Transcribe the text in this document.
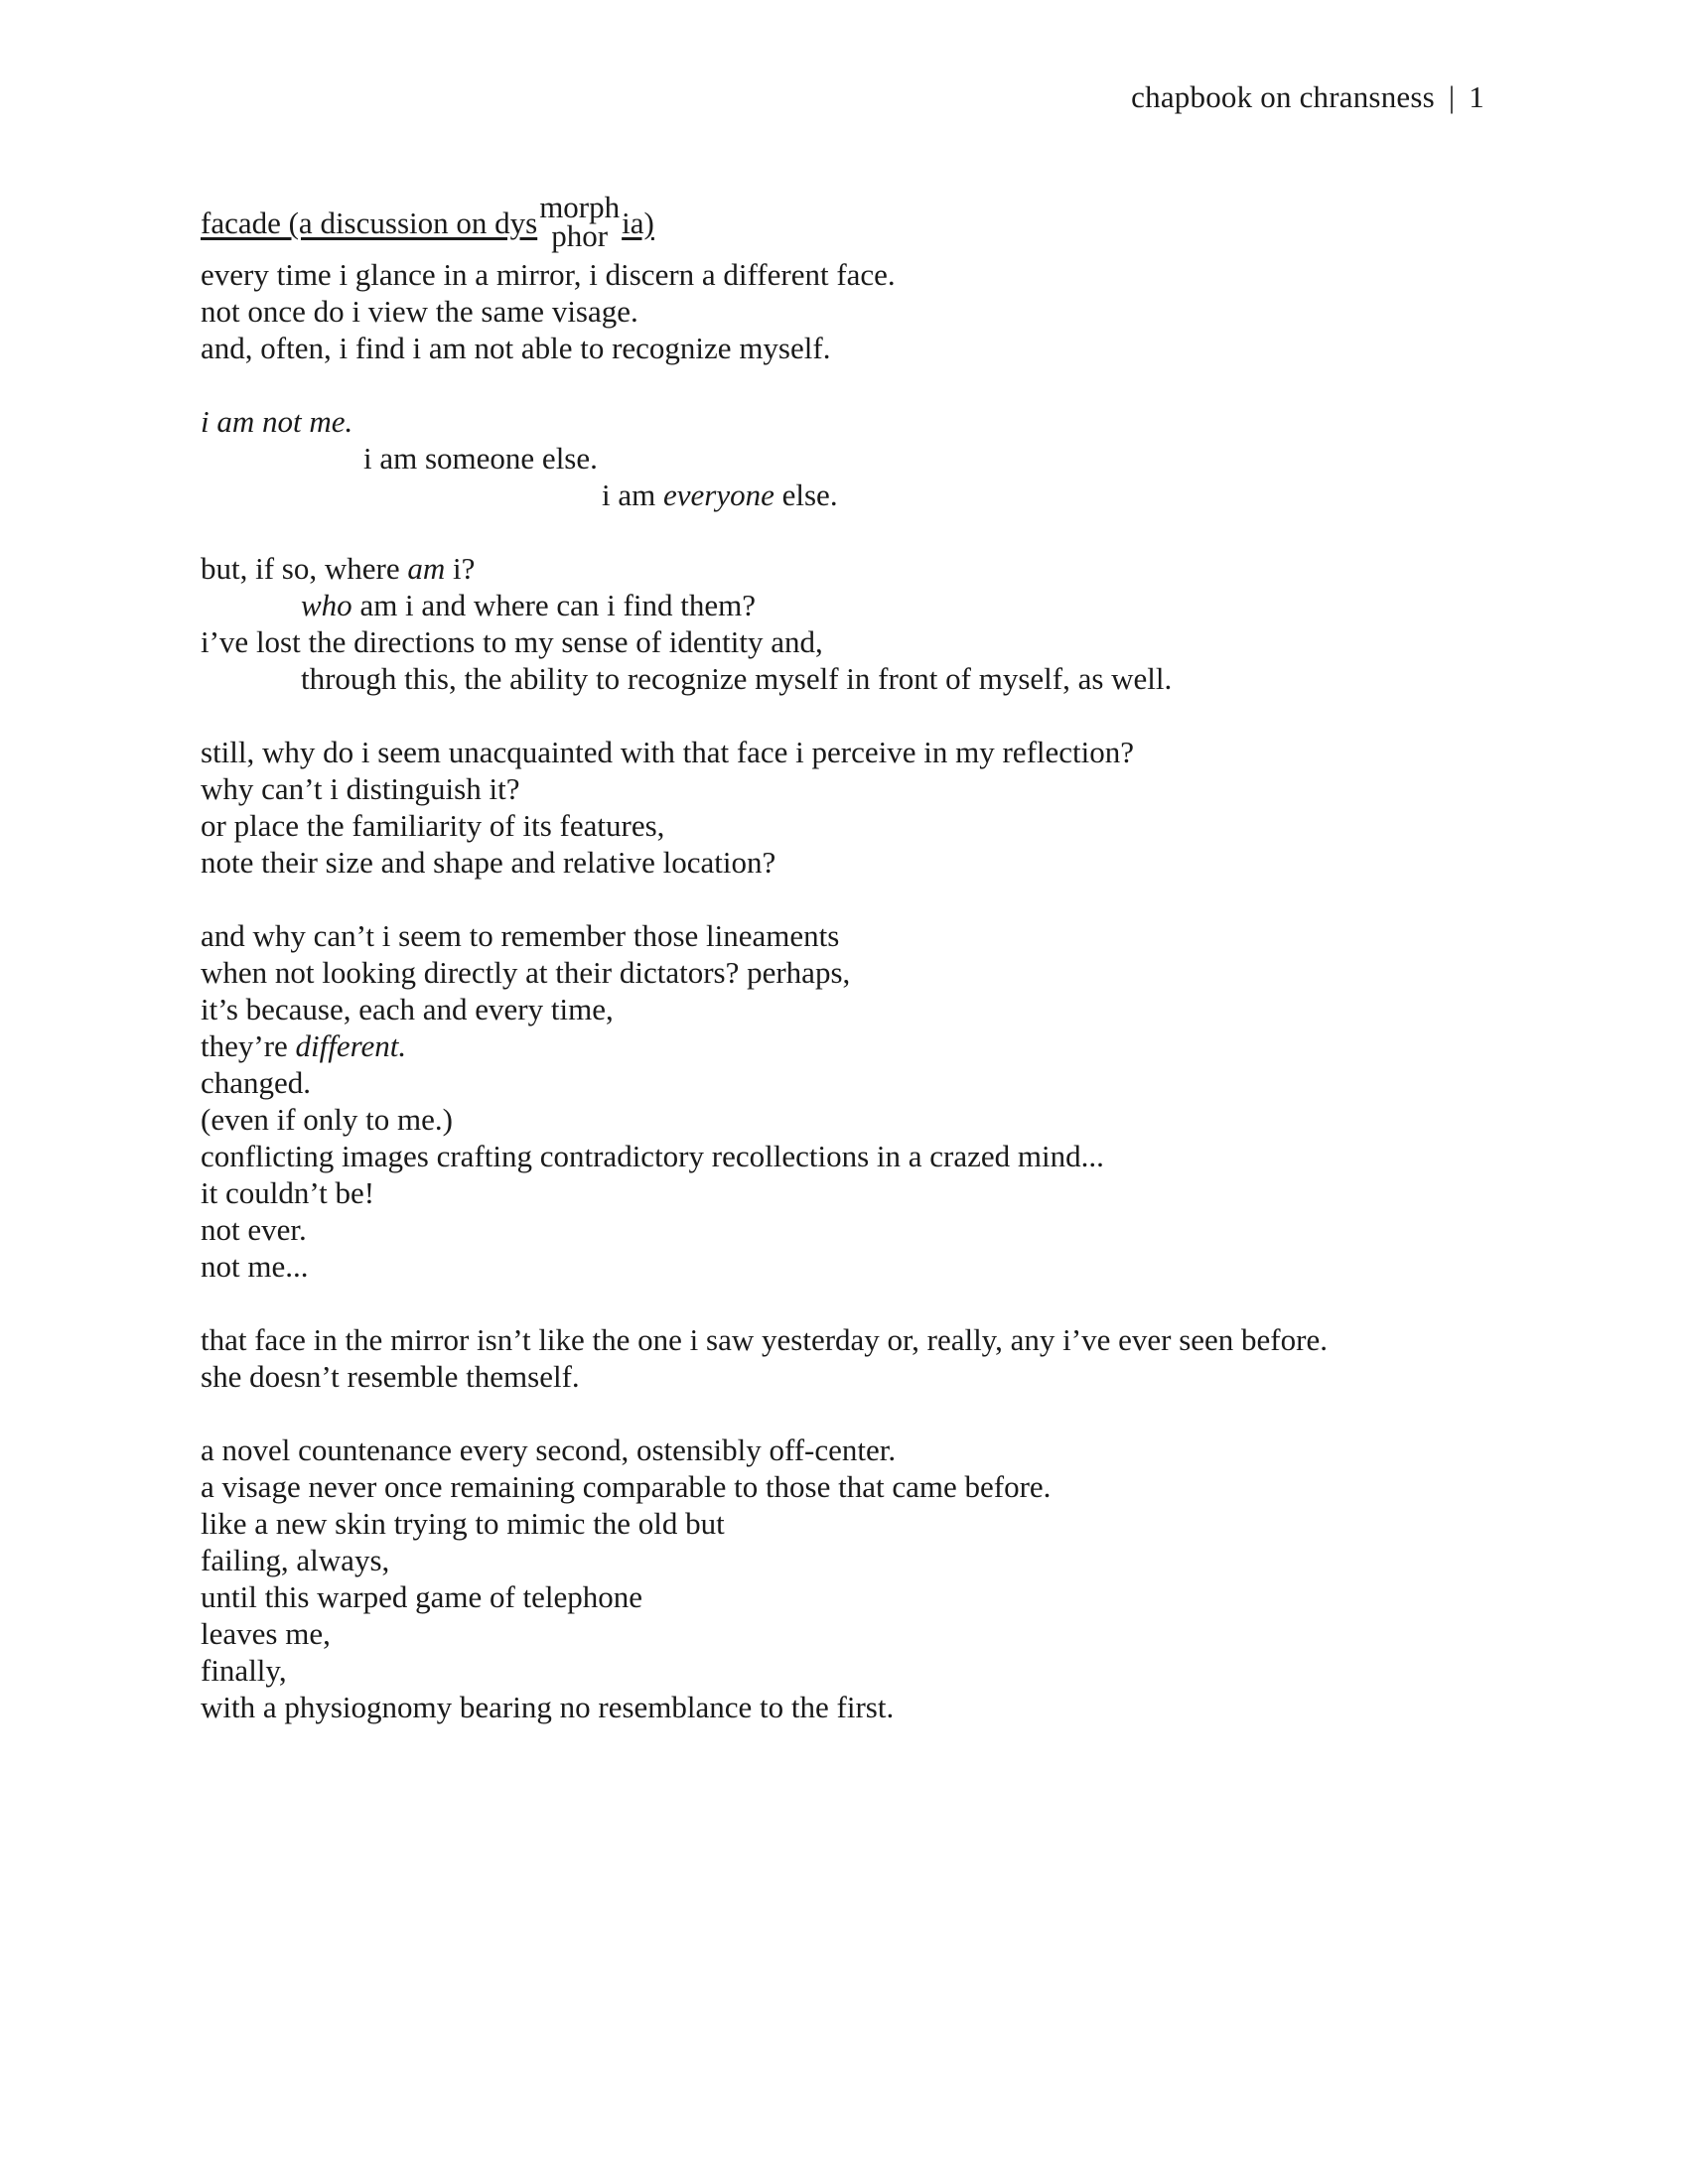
chapbook on chransness | 1
facade (a discussion on dys morph
phor ia)
every time i glance in a mirror, i discern a different face.
not once do i view the same visage.
and, often, i find i am not able to recognize myself.
i am not me.
i am someone else.
i am everyone else.
but, if so, where am i?
who am i and where can i find them?
i’ve lost the directions to my sense of identity and,
through this, the ability to recognize myself in front of myself, as well.
still, why do i seem unacquainted with that face i perceive in my reflection?
why can’t i distinguish it?
or place the familiarity of its features,
note their size and shape and relative location?
and why can’t i seem to remember those lineaments
when not looking directly at their dictators? perhaps,
it’s because, each and every time,
they’re different.
changed.
(even if only to me.)
conflicting images crafting contradictory recollections in a crazed mind...
it couldn’t be!
not ever.
not me...
that face in the mirror isn’t like the one i saw yesterday or, really, any i’ve ever seen before.
she doesn’t resemble themself.
a novel countenance every second, ostensibly off-center.
a visage never once remaining comparable to those that came before.
like a new skin trying to mimic the old but
failing, always,
until this warped game of telephone
leaves me,
finally,
with a physiognomy bearing no resemblance to the first.
